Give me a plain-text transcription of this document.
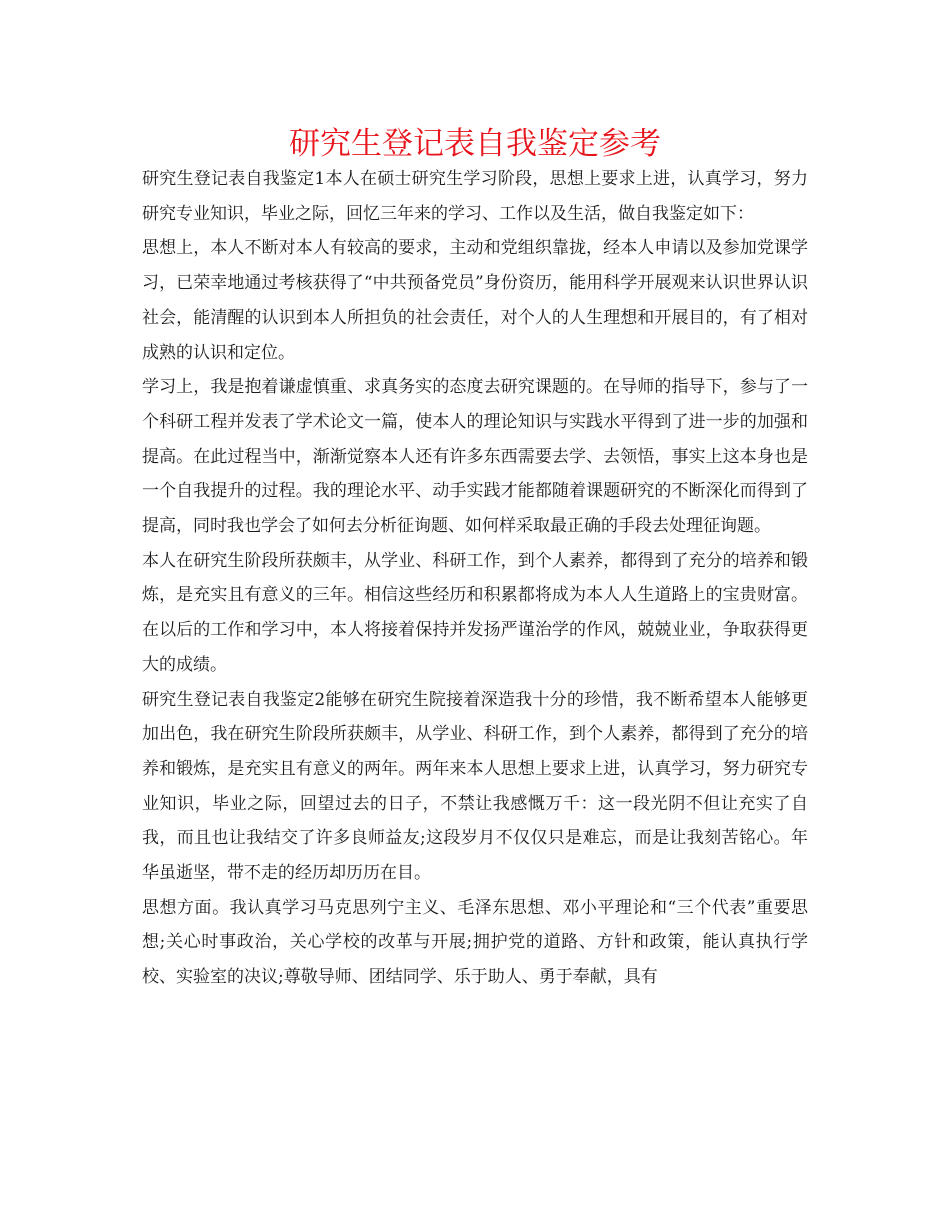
研究生登记表自我鉴定参考

研究生登记表自我鉴定1本人在硕士研究生学习阶段，思想上要求上进，认真学习，努力研究专业知识，毕业之际，回忆三年来的学习、工作以及生活，做自我鉴定如下：

思想上，本人不断对本人有较高的要求，主动和党组织靠拢，经本人申请以及参加党课学习，已荣幸地通过考核获得了“中共预备党员”身份资历，能用科学开展观来认识世界认识社会，能清醒的认识到本人所担负的社会责任，对个人的人生理想和开展目的，有了相对成熟的认识和定位。

学习上，我是抱着谦虚慎重、求真务实的态度去研究课题的。在导师的指导下，参与了一个科研工程并发表了学术论文一篇，使本人的理论知识与实践水平得到了进一步的加强和提高。在此过程当中，渐渐觉察本人还有许多东西需要去学、去领悟，事实上这本身也是一个自我提升的过程。我的理论水平、动手实践才能都随着课题研究的不断深化而得到了提高，同时我也学会了如何去分析征询题、如何样采取最正确的手段去处理征询题。

本人在研究生阶段所获颇丰，从学业、科研工作，到个人素养，都得到了充分的培养和锻炼，是充实且有意义的三年。相信这些经历和积累都将成为本人人生道路上的宝贵财富。在以后的工作和学习中，本人将接着保持并发扬严谨治学的作风，兢兢业业，争取获得更大的成绩。

研究生登记表自我鉴定2能够在研究生院接着深造我十分的珍惜，我不断希望本人能够更加出色，我在研究生阶段所获颇丰，从学业、科研工作，到个人素养，都得到了充分的培养和锻炼，是充实且有意义的两年。两年来本人思想上要求上进，认真学习，努力研究专业知识，毕业之际，回望过去的日子，不禁让我感慨万千：这一段光阴不但让充实了自我，而且也让我结交了许多良师益友;这段岁月不仅仅只是难忘，而是让我刻苦铭心。年华虽逝坚，带不走的经历却历历在目。

思想方面。我认真学习马克思列宁主义、毛泽东思想、邓小平理论和“三个代表”重要思想;关心时事政治，关心学校的改革与开展;拥护党的道路、方针和政策，能认真执行学校、实验室的决议;尊敬导师、团结同学、乐于助人、勇于奉献，具有
